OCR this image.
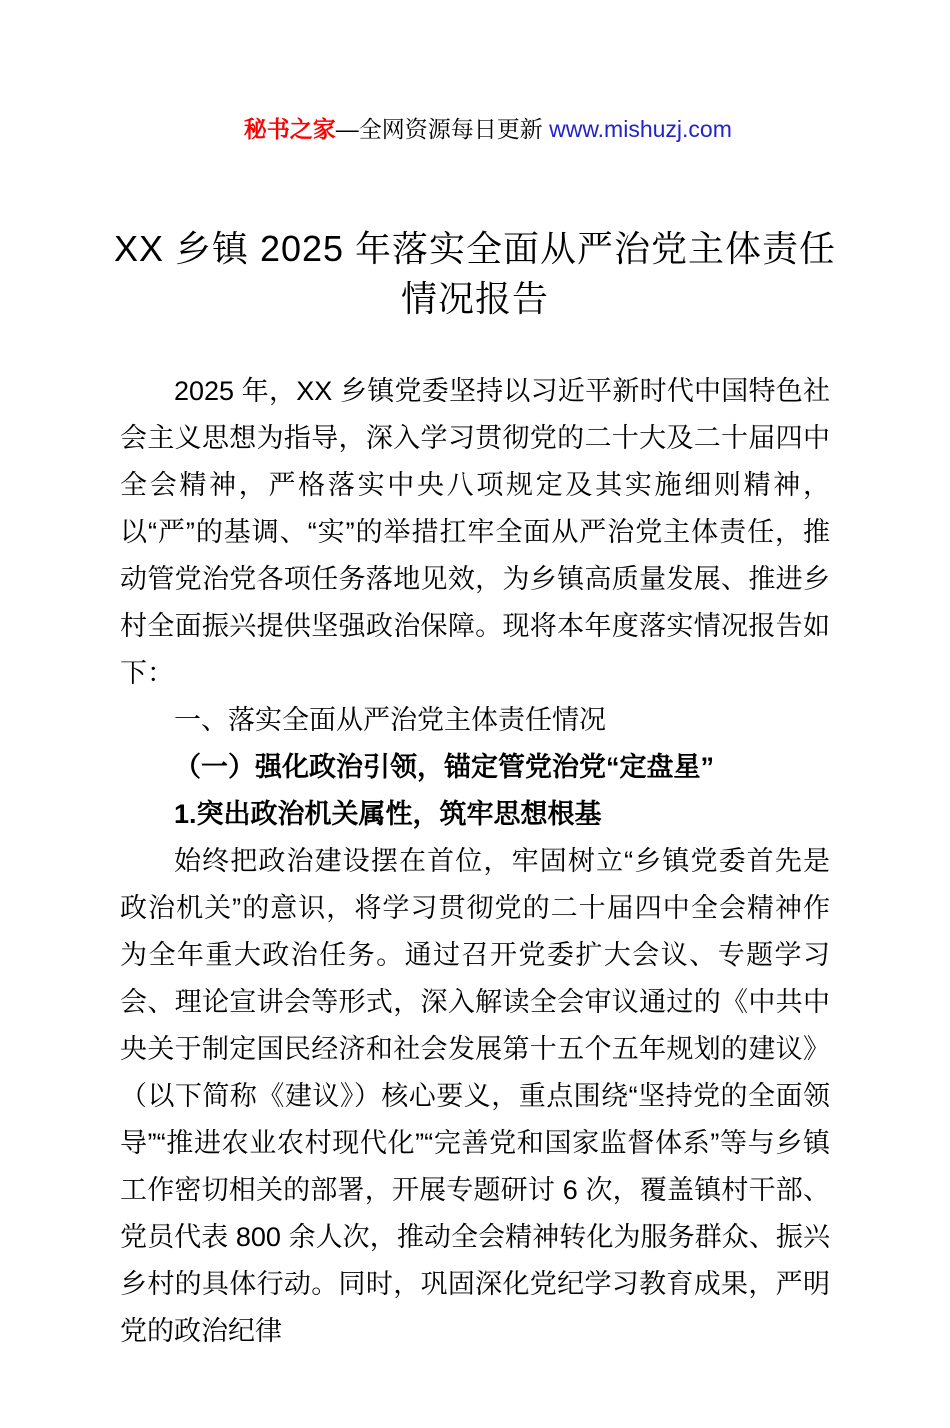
秘书之家—全网资源每日更新 www.mishuzj.com

XX 乡镇 2025 年落实全面从严治党主体责任
情况报告
2025 年，XX 乡镇党委坚持以习近平新时代中国特色社会主义思想为指导，深入学习贯彻党的二十大及二十届四中全会精神，严格落实中央八项规定及其实施细则精神，以“严”的基调、“实”的举措扛牢全面从严治党主体责任，推动管党治党各项任务落地见效，为乡镇高质量发展、推进乡村全面振兴提供坚强政治保障。现将本年度落实情况报告如下：
一、落实全面从严治党主体责任情况
（一）强化政治引领，锚定管党治党“定盘星”
1.突出政治机关属性，筑牢思想根基
始终把政治建设摆在首位，牢固树立“乡镇党委首先是政治机关”的意识，将学习贯彻党的二十届四中全会精神作为全年重大政治任务。通过召开党委扩大会议、专题学习会、理论宣讲会等形式，深入解读全会审议通过的《中共中央关于制定国民经济和社会发展第十五个五年规划的建议》（以下简称《建议》）核心要义，重点围绕“坚持党的全面领导”“推进农业农村现代化”“完善党和国家监督体系”等与乡镇工作密切相关的部署，开展专题研讨 6 次，覆盖镇村干部、党员代表 800 余人次，推动全会精神转化为服务群众、振兴乡村的具体行动。同时，巩固深化党纪学习教育成果，严明党的政治纪律
